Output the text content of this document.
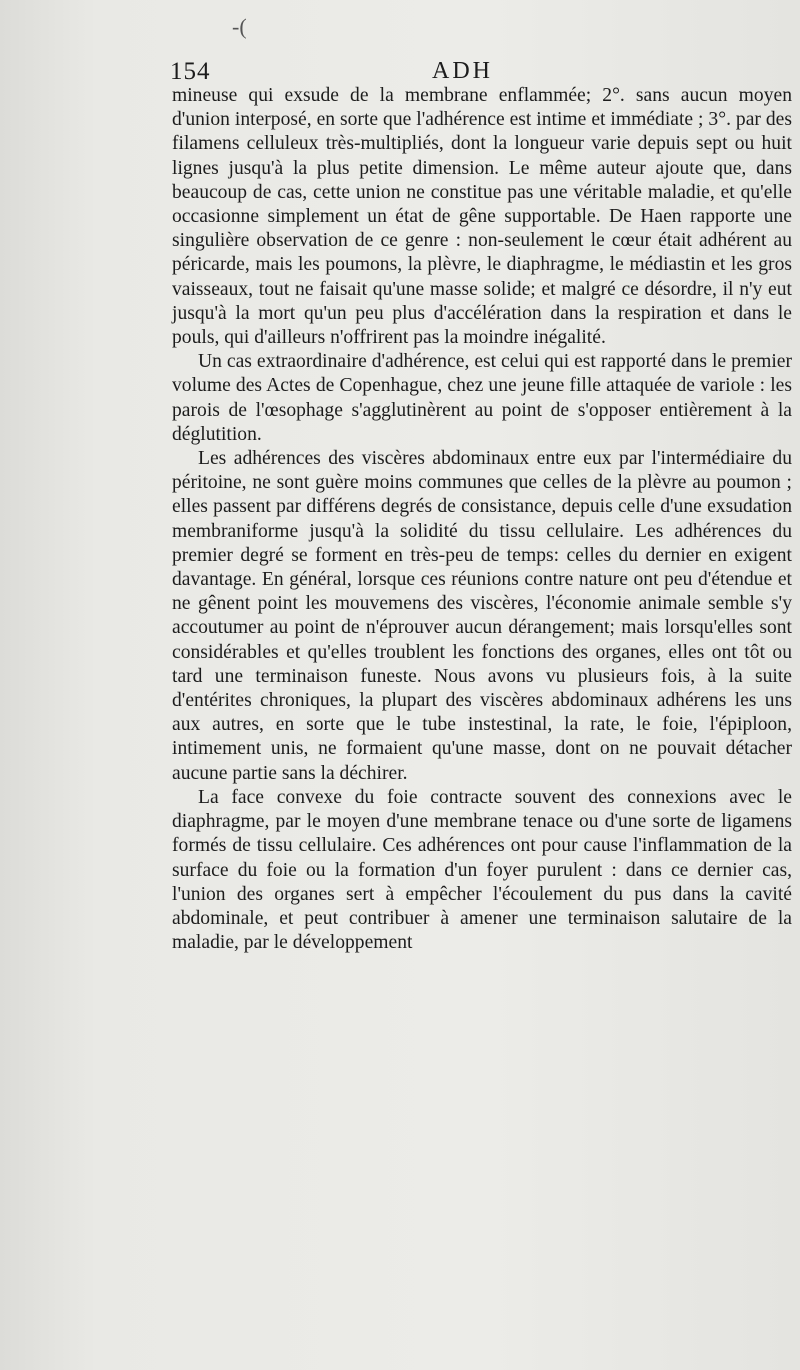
-(
154	ADH

mineuse qui exsude de la membrane enflammée; 2°. sans aucun moyen d'union interposé, en sorte que l'adhérence est intime et immédiate ; 3°. par des filamens celluleux très-multipliés, dont la longueur varie depuis sept ou huit lignes jusqu'à la plus petite dimension. Le même auteur ajoute que, dans beaucoup de cas, cette union ne constitue pas une véritable maladie, et qu'elle occasionne simplement un état de gêne supportable. De Haen rapporte une singulière observation de ce genre : non-seulement le cœur était adhérent au péricarde, mais les poumons, la plèvre, le diaphragme, le médiastin et les gros vaisseaux, tout ne faisait qu'une masse solide; et malgré ce désordre, il n'y eut jusqu'à la mort qu'un peu plus d'accélération dans la respiration et dans le pouls, qui d'ailleurs n'offrirent pas la moindre inégalité.

Un cas extraordinaire d'adhérence, est celui qui est rapporté dans le premier volume des Actes de Copenhague, chez une jeune fille attaquée de variole : les parois de l'œsophage s'agglutinèrent au point de s'opposer entièrement à la déglutition.

Les adhérences des viscères abdominaux entre eux par l'intermédiaire du péritoine, ne sont guère moins communes que celles de la plèvre au poumon ; elles passent par différens degrés de consistance, depuis celle d'une exsudation membraniforme jusqu'à la solidité du tissu cellulaire. Les adhérences du premier degré se forment en très-peu de temps: celles du dernier en exigent davantage. En général, lorsque ces réunions contre nature ont peu d'étendue et ne gênent point les mouvemens des viscères, l'économie animale semble s'y accoutumer au point de n'éprouver aucun dérangement; mais lorsqu'elles sont considérables et qu'elles troublent les fonctions des organes, elles ont tôt ou tard une terminaison funeste. Nous avons vu plusieurs fois, à la suite d'entérites chroniques, la plupart des viscères abdominaux adhérens les uns aux autres, en sorte que le tube instestinal, la rate, le foie, l'épiploon, intimement unis, ne formaient qu'une masse, dont on ne pouvait détacher aucune partie sans la déchirer.

La face convexe du foie contracte souvent des connexions avec le diaphragme, par le moyen d'une membrane tenace ou d'une sorte de ligamens formés de tissu cellulaire. Ces adhérences ont pour cause l'inflammation de la surface du foie ou la formation d'un foyer purulent : dans ce dernier cas, l'union des organes sert à empêcher l'écoulement du pus dans la cavité abdominale, et peut contribuer à amener une terminaison salutaire de la maladie, par le développement
